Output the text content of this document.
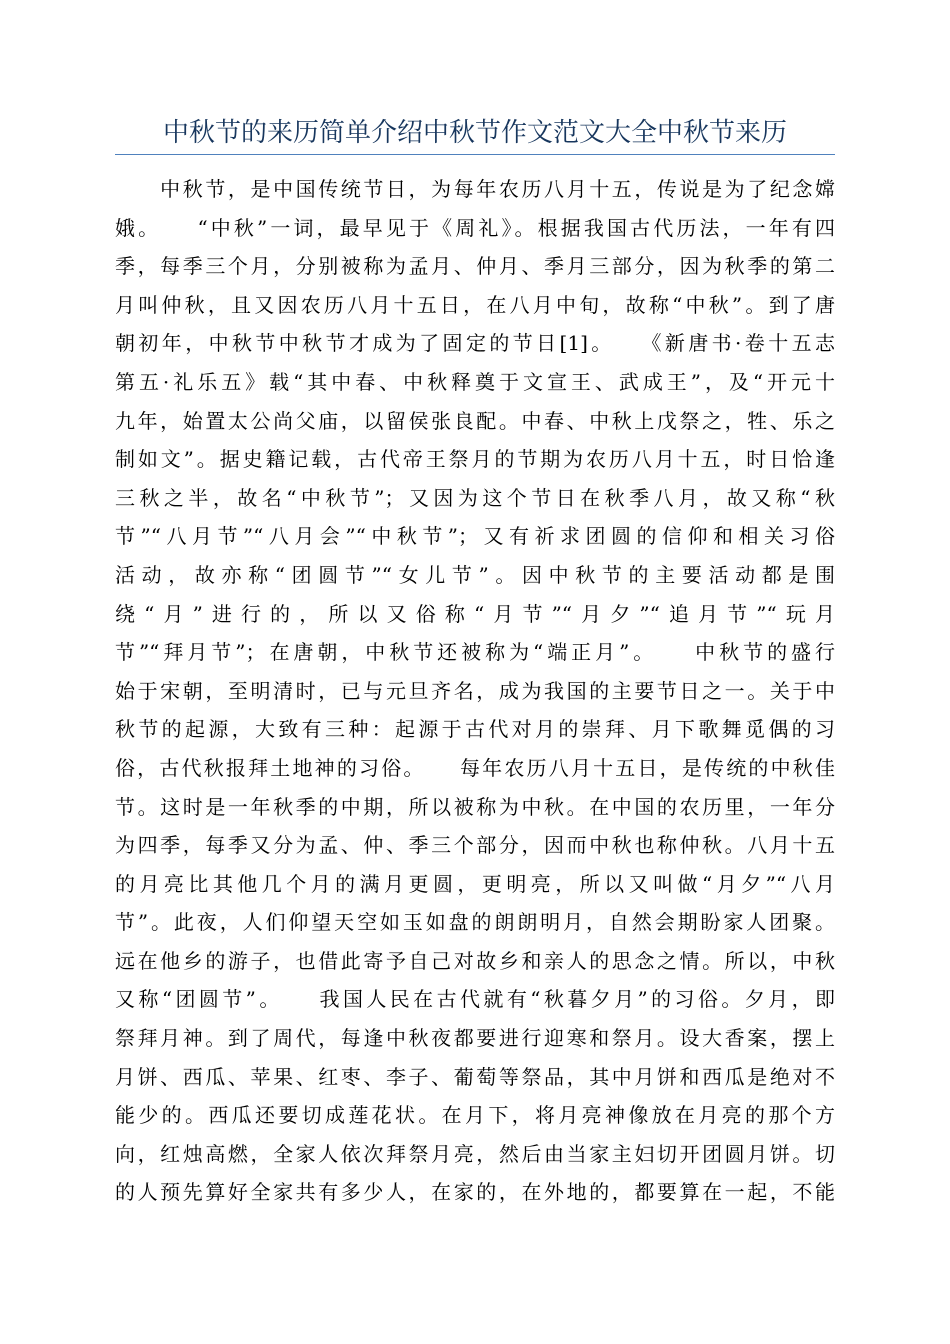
中秋节的来历简单介绍中秋节作文范文大全中秋节来历
　　中秋节，是中国传统节日，为每年农历八月十五，传说是为了纪念嫦
娥。　　“中秋”一词，最早见于《周礼》。根据我国古代历法，一年有四
季，每季三个月，分别被称为孟月、仲月、季月三部分，因为秋季的第二
月叫仲秋，且又因农历八月十五日，在八月中旬，故称“中秋”。到了唐
朝初年，中秋节中秋节才成为了固定的节日[1]。　　《新唐书·卷十五志
第五·礼乐五》载“其中春、中秋释奠于文宣王、武成王”，及“开元十
九年，始置太公尚父庙，以留侯张良配。中春、中秋上戊祭之，牲、乐之
制如文”。据史籍记载，古代帝王祭月的节期为农历八月十五，时日恰逢
三秋之半，故名“中秋节”；又因为这个节日在秋季八月，故又称“秋
节”“八月节”“八月会”“中秋节”；又有祈求团圆的信仰和相关习俗
活动，故亦称“团圆节”“女儿节”。因中秋节的主要活动都是围
绕“月”进行的，所以又俗称“月节”“月夕”“追月节”“玩月
节”“拜月节”；在唐朝，中秋节还被称为“端正月”。　　中秋节的盛行
始于宋朝，至明清时，已与元旦齐名，成为我国的主要节日之一。关于中
秋节的起源，大致有三种：起源于古代对月的崇拜、月下歌舞觅偶的习
俗，古代秋报拜土地神的习俗。　　每年农历八月十五日，是传统的中秋佳
节。这时是一年秋季的中期，所以被称为中秋。在中国的农历里，一年分
为四季，每季又分为孟、仲、季三个部分，因而中秋也称仲秋。八月十五
的月亮比其他几个月的满月更圆，更明亮，所以又叫做“月夕”“八月
节”。此夜，人们仰望天空如玉如盘的朗朗明月，自然会期盼家人团聚。
远在他乡的游子，也借此寄予自己对故乡和亲人的思念之情。所以，中秋
又称“团圆节”。　　我国人民在古代就有“秋暮夕月”的习俗。夕月，即
祭拜月神。到了周代，每逢中秋夜都要进行迎寒和祭月。设大香案，摆上
月饼、西瓜、苹果、红枣、李子、葡萄等祭品，其中月饼和西瓜是绝对不
能少的。西瓜还要切成莲花状。在月下，将月亮神像放在月亮的那个方
向，红烛高燃，全家人依次拜祭月亮，然后由当家主妇切开团圆月饼。切
的人预先算好全家共有多少人，在家的，在外地的，都要算在一起，不能
